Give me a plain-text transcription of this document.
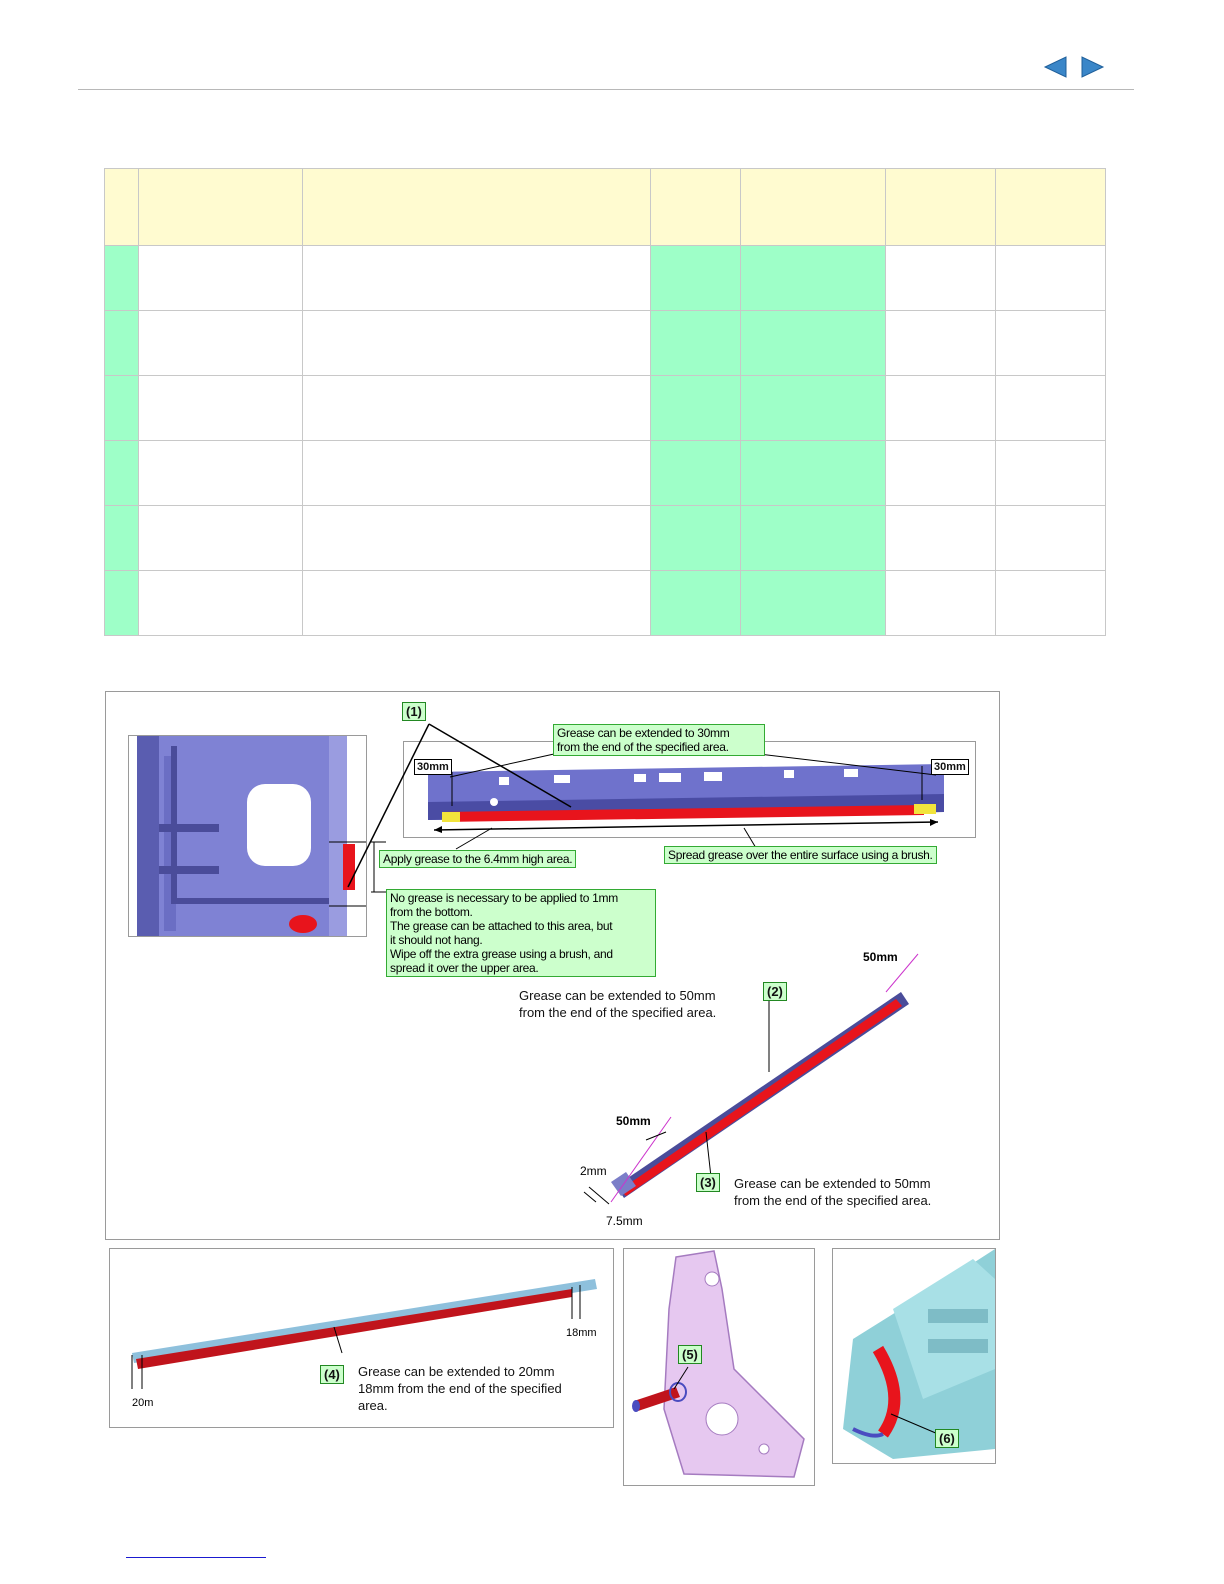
(1)
Grease can be extended to 30mm
from the end of the specified area.
30mm	30mm
Apply grease to the 6.4mm high area.	Spread grease over the entire surface using a brush.
No grease is necessary to be applied to 1mm
from the bottom.
The grease can be attached to this area, but
it should not hang.
Wipe off the extra grease using a brush, and
spread it over the upper area.
50mm
Grease can be extended to 50mm
from the end of the specified area.
(2)
50mm
2mm
7.5mm
(3)	Grease can be extended to 50mm
from the end of the specified area.
18mm
20m
(4)	Grease can be extended to 20mm
18mm from the end of the specified
area.
(5)
(6)
